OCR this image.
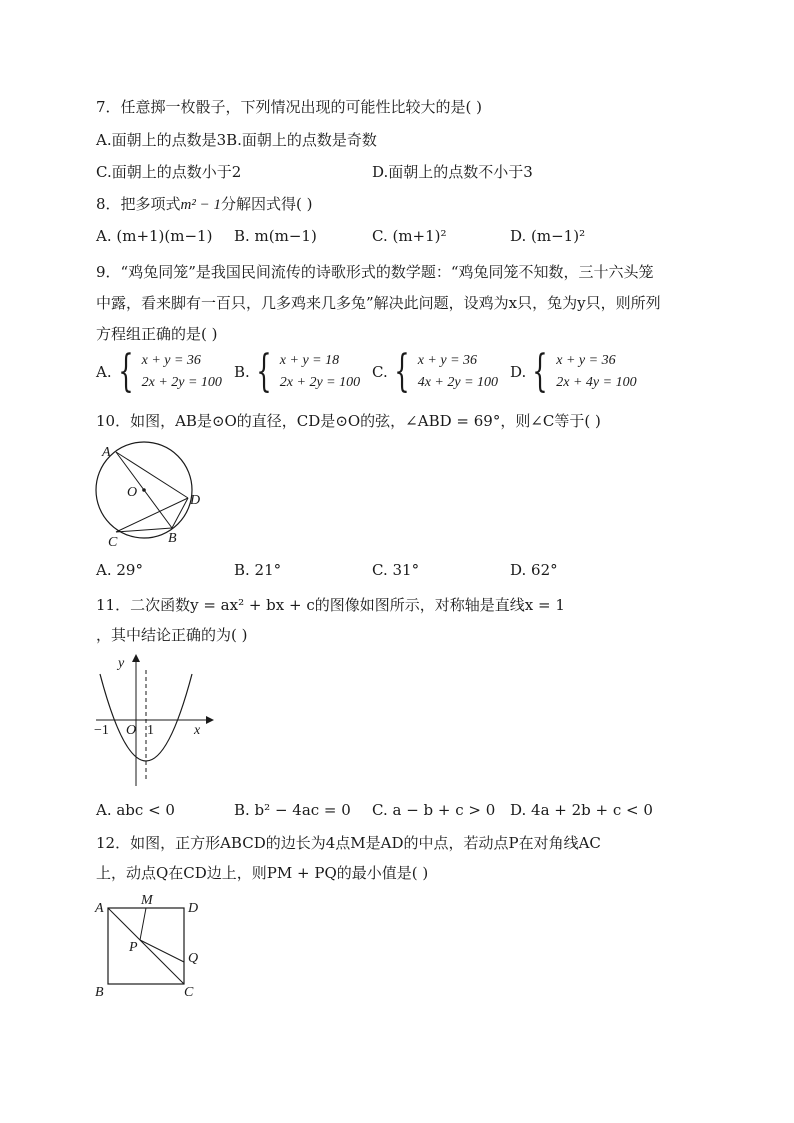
7．任意掷一枚骰子，下列情况出现的可能性比较大的是( )
A.面朝上的点数是3B.面朝上的点数是奇数
C.面朝上的点数小于2	D.面朝上的点数不小于3
8．把多项式m² − 1分解因式得( )
A. (m+1)(m−1) B. m(m−1)	C. (m+1)²	D. (m−1)²
9．“鸡兔同笼”是我国民间流传的诗歌形式的数学题：“鸡兔同笼不知数，三十六头笼
中露，看来脚有一百只，几多鸡来几多兔”解决此问题，设鸡为x只，兔为y只，则所列
方程组正确的是( )
A. { x + y = 36
2x + 2y = 100
B. { x + y = 18
2x + 2y = 100
C. { x + y = 36
4x + 2y = 100
D. { x + y = 36
2x + 4y = 100
10．如图，AB是⊙O的直径，CD是⊙O的弦，∠ABD = 69°，则∠C等于( )
A
O
D
C	B
A. 29°	B. 21°	C. 31°	D. 62°
11．二次函数y = ax² + bx + c的图像如图所示，对称轴是直线x = 1
，其中结论正确的为( )
y
x
−1 O 1
A. abc < 0	B. b² − 4ac = 0 C. a − b + c > 0 D. 4a + 2b + c < 0
12．如图，正方形ABCD的边长为4点M是AD的中点，若动点P在对角线AC
上，动点Q在CD边上，则PM + PQ的最小值是( )
A
M
D
P
Q
B	C
